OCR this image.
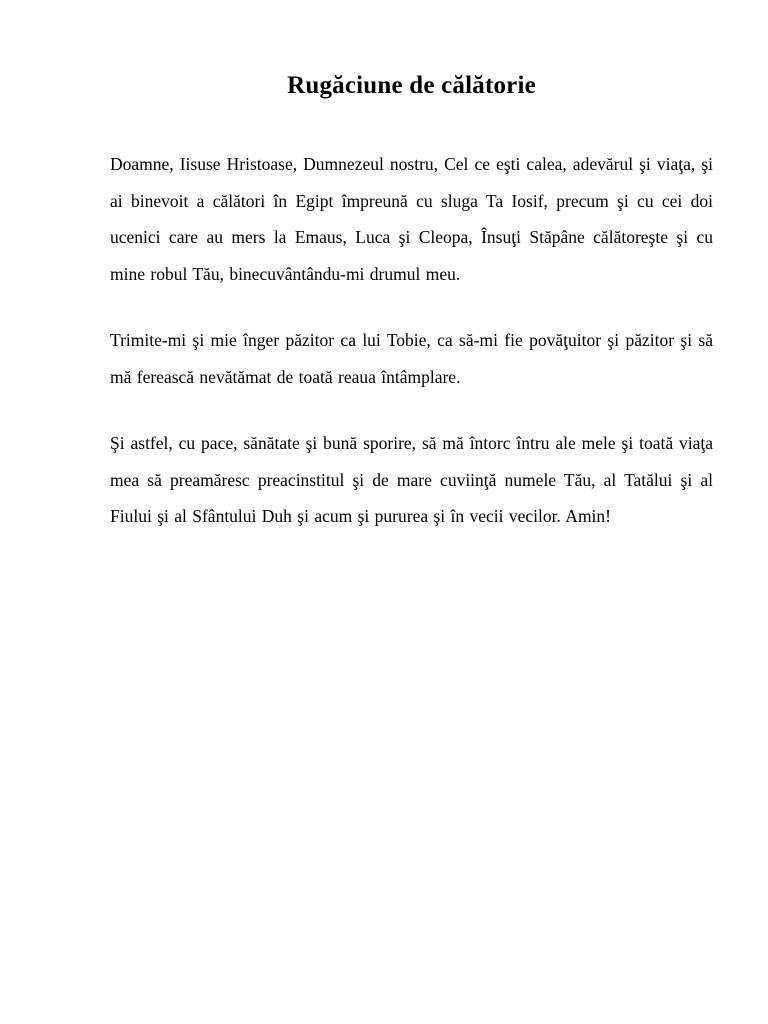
Rugăciune de călătorie

Doamne, Iisuse Hristoase, Dumnezeul nostru, Cel ce eşti calea, adevărul şi viaţa, şi ai binevoit a călători în Egipt împreună cu sluga Ta Iosif, precum şi cu cei doi ucenici care au mers la Emaus, Luca şi Cleopa, Însuţi Stăpâne călătoreşte şi cu mine robul Tău, binecuvântându-mi drumul meu.

Trimite-mi şi mie înger păzitor ca lui Tobie, ca să-mi fie povăţuitor şi păzitor şi să mă ferească nevătămat de toată reaua întâmplare.

Şi astfel, cu pace, sănătate şi bună sporire, să mă întorc întru ale mele şi toată viaţa mea să preamăresc preacinstitul şi de mare cuviinţă numele Tău, al Tatălui şi al Fiului şi al Sfântului Duh şi acum şi pururea şi în vecii vecilor. Amin!
